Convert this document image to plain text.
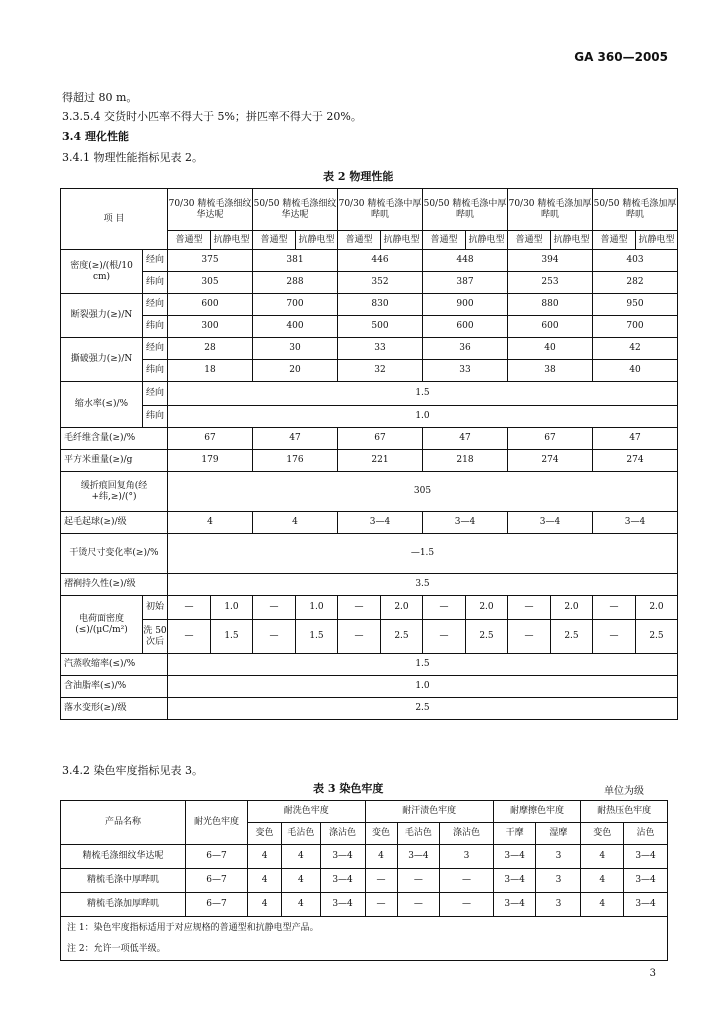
GA 360—2005
得超过 80 m。
3.3.5.4 交货时小匹率不得大于 5%；拼匹率不得大于 20%。
3.4 理化性能
3.4.1 物理性能指标见表 2。
表 2 物理性能
项 目		70/30 精梳毛涤细纹华达呢		50/50 精梳毛涤细纹华达呢		70/30 精梳毛涤中厚哔叽		50/50 精梳毛涤中厚哔叽		70/30 精梳毛涤加厚哔叽		50/50 精梳毛涤加厚哔叽	
		普通型	抗静电型	普通型	抗静电型	普通型	抗静电型	普通型	抗静电型	普通型	抗静电型	普通型	抗静电型
密度(≥)/(根/10 cm)	经向	375		381		446		448		394		403	
	纬向	305		288		352		387		253		282	
断裂强力(≥)/N	经向	600		700		830		900		880		950	
	纬向	300		400		500		600		600		700	
撕破强力(≥)/N	经向	28		30		33		36		40		42	
	纬向	18		20		32		33		38		40	
缩水率(≤)/%	经向	1.5											
	纬向	1.0											
毛纤维含量(≥)/%		67		47		67		47		67		47	
平方米重量(≥)/g		179		176		221		218		274		274	
缓折痕回复角(经+纬,≥)/(°)		305											
起毛起球(≥)/级		4		4		3—4		3—4		3—4		3—4	
干烫尺寸变化率(≥)/%		—1.5											
褶裥持久性(≥)/级		3.5											
电荷面密度(≤)/(μC/m²)	初始	—	1.0	—	1.0	—	2.0	—	2.0	—	2.0	—	2.0
	洗 50 次后	—	1.5	—	1.5	—	2.5	—	2.5	—	2.5	—	2.5
汽蒸收缩率(≤)/%		1.5											
含油脂率(≤)/%		1.0											
落水变形(≥)/级		2.5											
3.4.2 染色牢度指标见表 3。
表 3 染色牢度	单位为级
产品名称	耐光色牢度	耐洗色牢度			耐汗渍色牢度			耐摩擦色牢度		耐热压色牢度	
		变色	毛沾色	涤沾色	变色	毛沾色	涤沾色	干摩	湿摩	变色	沾色
精梳毛涤细纹华达呢	6—7	4	4	3—4	4	3—4	3	3—4	3	4	3—4
精梳毛涤中厚哔叽	6—7	4	4	3—4	—	—	—	3—4	3	4	3—4
精梳毛涤加厚哔叽	6—7	4	4	3—4	—	—	—	3—4	3	4	3—4
注 1：染色牢度指标适用于对应规格的普通型和抗静电型产品。											
注 2：允许一项低半级。											
3
